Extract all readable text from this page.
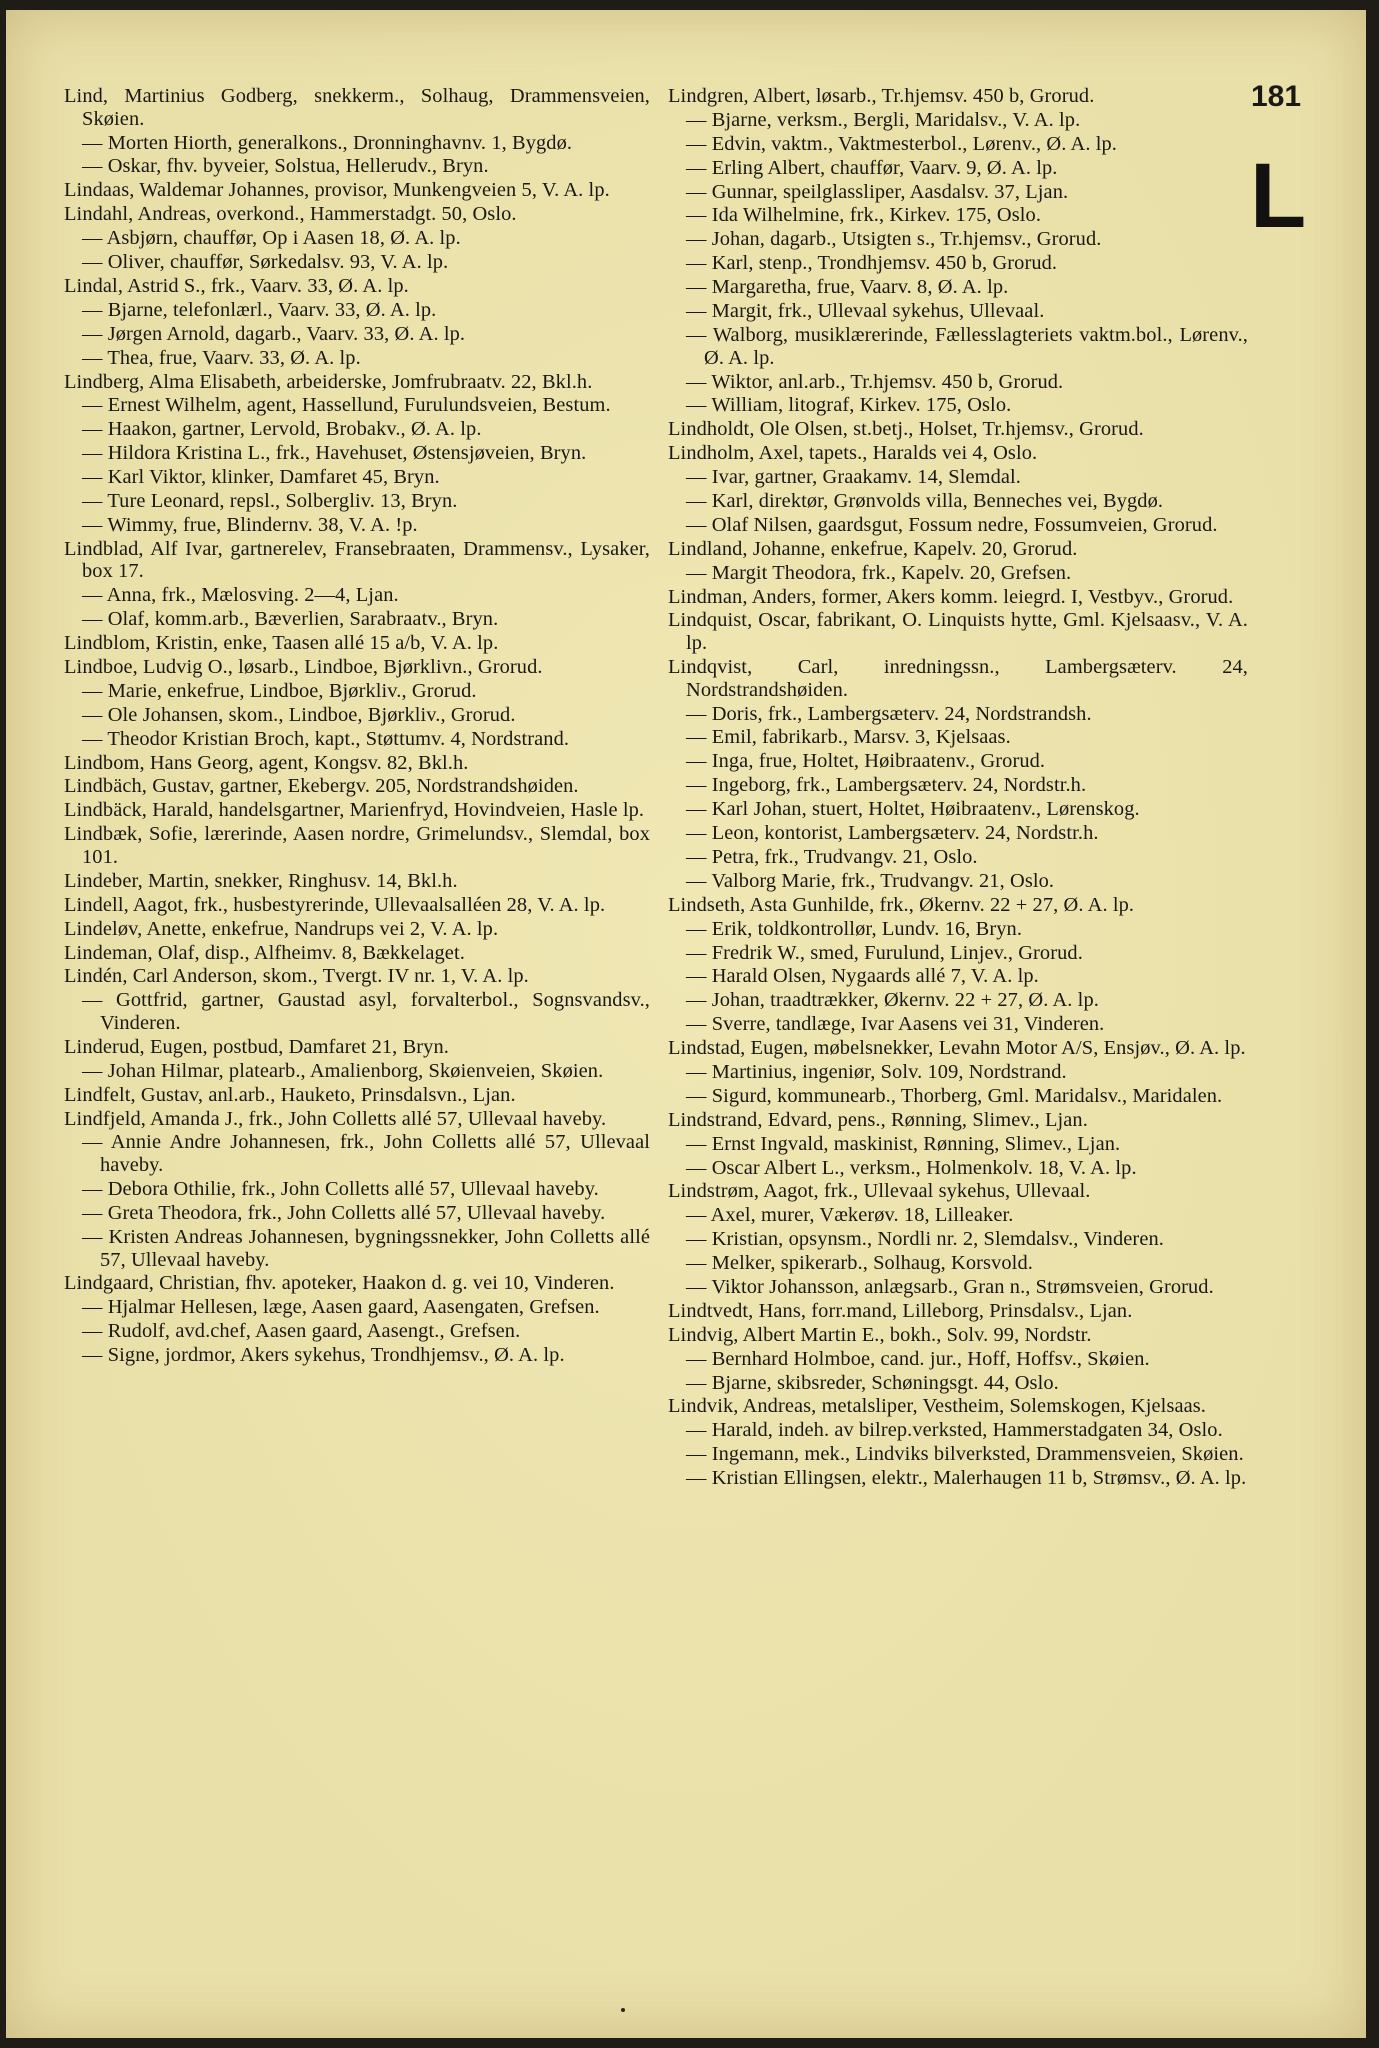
181
L
Lind, Martinius Godberg, snekkerm., Solhaug, Drammensveien, Skøien.
— Morten Hiorth, generalkons., Dronninghavnv. 1, Bygdø.
— Oskar, fhv. byveier, Solstua, Hellerudv., Bryn.
Lindaas, Waldemar Johannes, provisor, Munkengveien 5, V. A. lp.
Lindahl, Andreas, overkond., Hammerstadgt. 50, Oslo.
— Asbjørn, chauffør, Op i Aasen 18, Ø. A. lp.
— Oliver, chauffør, Sørkedalsv. 93, V. A. lp.
Lindal, Astrid S., frk., Vaarv. 33, Ø. A. lp.
— Bjarne, telefonlærl., Vaarv. 33, Ø. A. lp.
— Jørgen Arnold, dagarb., Vaarv. 33, Ø. A. lp.
— Thea, frue, Vaarv. 33, Ø. A. lp.
Lindberg, Alma Elisabeth, arbeiderske, Jomfrubraatv. 22, Bkl.h.
— Ernest Wilhelm, agent, Hassellund, Furulundsveien, Bestum.
— Haakon, gartner, Lervold, Brobakv., Ø. A. lp.
— Hildora Kristina L., frk., Havehuset, Østensjøveien, Bryn.
— Karl Viktor, klinker, Damfaret 45, Bryn.
— Ture Leonard, repsl., Solbergliv. 13, Bryn.
— Wimmy, frue, Blindernv. 38, V. A. !p.
Lindblad, Alf Ivar, gartnerelev, Fransebraaten, Drammensv., Lysaker, box 17.
— Anna, frk., Mælosving. 2—4, Ljan.
— Olaf, komm.arb., Bæverlien, Sarabraatv., Bryn.
Lindblom, Kristin, enke, Taasen allé 15 a/b, V. A. lp.
Lindboe, Ludvig O., løsarb., Lindboe, Bjørklivn., Grorud.
— Marie, enkefrue, Lindboe, Bjørkliv., Grorud.
— Ole Johansen, skom., Lindboe, Bjørkliv., Grorud.
— Theodor Kristian Broch, kapt., Støttumv. 4, Nordstrand.
Lindbom, Hans Georg, agent, Kongsv. 82, Bkl.h.
Lindbäch, Gustav, gartner, Ekebergv. 205, Nordstrandshøiden.
Lindbäck, Harald, handelsgartner, Marienfryd, Hovindveien, Hasle lp.
Lindbæk, Sofie, lærerinde, Aasen nordre, Grimelundsv., Slemdal, box 101.
Lindeber, Martin, snekker, Ringhusv. 14, Bkl.h.
Lindell, Aagot, frk., husbestyrerinde, Ullevaalsalléen 28, V. A. lp.
Lindeløv, Anette, enkefrue, Nandrups vei 2, V. A. lp.
Lindeman, Olaf, disp., Alfheimv. 8, Bækkelaget.
Lindén, Carl Anderson, skom., Tvergt. IV nr. 1, V. A. lp.
— Gottfrid, gartner, Gaustad asyl, forvalterbol., Sognsvandsv., Vinderen.
Linderud, Eugen, postbud, Damfaret 21, Bryn.
— Johan Hilmar, platearb., Amalienborg, Skøienveien, Skøien.
Lindfelt, Gustav, anl.arb., Hauketo, Prinsdalsvn., Ljan.
Lindfjeld, Amanda J., frk., John Colletts allé 57, Ullevaal haveby.
— Annie Andre Johannesen, frk., John Colletts allé 57, Ullevaal haveby.
— Debora Othilie, frk., John Colletts allé 57, Ullevaal haveby.
— Greta Theodora, frk., John Colletts allé 57, Ullevaal haveby.
— Kristen Andreas Johannesen, bygningssnekker, John Colletts allé 57, Ullevaal haveby.
Lindgaard, Christian, fhv. apoteker, Haakon d. g. vei 10, Vinderen.
— Hjalmar Hellesen, læge, Aasen gaard, Aasengaten, Grefsen.
— Rudolf, avd.chef, Aasen gaard, Aasengt., Grefsen.
— Signe, jordmor, Akers sykehus, Trondhjemsv., Ø. A. lp.
Lindgren, Albert, løsarb., Tr.hjemsv. 450 b, Grorud.
— Bjarne, verksm., Bergli, Maridalsv., V. A. lp.
— Edvin, vaktm., Vaktmesterbol., Lørenv., Ø. A. lp.
— Erling Albert, chauffør, Vaarv. 9, Ø. A. lp.
— Gunnar, speilglassliper, Aasdalsv. 37, Ljan.
— Ida Wilhelmine, frk., Kirkev. 175, Oslo.
— Johan, dagarb., Utsigten s., Tr.hjemsv., Grorud.
— Karl, stenp., Trondhjemsv. 450 b, Grorud.
— Margaretha, frue, Vaarv. 8, Ø. A. lp.
— Margit, frk., Ullevaal sykehus, Ullevaal.
— Walborg, musiklærerinde, Fællesslagteriets vaktm.bol., Lørenv., Ø. A. lp.
— Wiktor, anl.arb., Tr.hjemsv. 450 b, Grorud.
— William, litograf, Kirkev. 175, Oslo.
Lindholdt, Ole Olsen, st.betj., Holset, Tr.hjemsv., Grorud.
Lindholm, Axel, tapets., Haralds vei 4, Oslo.
— Ivar, gartner, Graakamv. 14, Slemdal.
— Karl, direktør, Grønvolds villa, Benneches vei, Bygdø.
— Olaf Nilsen, gaardsgut, Fossum nedre, Fossumveien, Grorud.
Lindland, Johanne, enkefrue, Kapelv. 20, Grorud.
— Margit Theodora, frk., Kapelv. 20, Grefsen.
Lindman, Anders, former, Akers komm. leiegrd. I, Vestbyv., Grorud.
Lindquist, Oscar, fabrikant, O. Linquists hytte, Gml. Kjelsaasv., V. A. lp.
Lindqvist, Carl, inredningssn., Lambergsæterv. 24, Nordstrandshøiden.
— Doris, frk., Lambergsæterv. 24, Nordstrandsh.
— Emil, fabrikarb., Marsv. 3, Kjelsaas.
— Inga, frue, Holtet, Høibraatenv., Grorud.
— Ingeborg, frk., Lambergsæterv. 24, Nordstr.h.
— Karl Johan, stuert, Holtet, Høibraatenv., Lørenskog.
— Leon, kontorist, Lambergsæterv. 24, Nordstr.h.
— Petra, frk., Trudvangv. 21, Oslo.
— Valborg Marie, frk., Trudvangv. 21, Oslo.
Lindseth, Asta Gunhilde, frk., Økernv. 22 + 27, Ø. A. lp.
— Erik, toldkontrollør, Lundv. 16, Bryn.
— Fredrik W., smed, Furulund, Linjev., Grorud.
— Harald Olsen, Nygaards allé 7, V. A. lp.
— Johan, traadtrækker, Økernv. 22 + 27, Ø. A. lp.
— Sverre, tandlæge, Ivar Aasens vei 31, Vinderen.
Lindstad, Eugen, møbelsnekker, Levahn Motor A/S, Ensjøv., Ø. A. lp.
— Martinius, ingeniør, Solv. 109, Nordstrand.
— Sigurd, kommunearb., Thorberg, Gml. Maridalsv., Maridalen.
Lindstrand, Edvard, pens., Rønning, Slimev., Ljan.
— Ernst Ingvald, maskinist, Rønning, Slimev., Ljan.
— Oscar Albert L., verksm., Holmenkolv. 18, V. A. lp.
Lindstrøm, Aagot, frk., Ullevaal sykehus, Ullevaal.
— Axel, murer, Vækerøv. 18, Lilleaker.
— Kristian, opsynsm., Nordli nr. 2, Slemdalsv., Vinderen.
— Melker, spikerarb., Solhaug, Korsvold.
— Viktor Johansson, anlægsarb., Gran n., Strømsveien, Grorud.
Lindtvedt, Hans, forr.mand, Lilleborg, Prinsdalsv., Ljan.
Lindvig, Albert Martin E., bokh., Solv. 99, Nordstr.
— Bernhard Holmboe, cand. jur., Hoff, Hoffsv., Skøien.
— Bjarne, skibsreder, Schøningsgt. 44, Oslo.
Lindvik, Andreas, metalsliper, Vestheim, Solemskogen, Kjelsaas.
— Harald, indeh. av bilrep.verksted, Hammerstadgaten 34, Oslo.
— Ingemann, mek., Lindviks bilverksted, Drammensveien, Skøien.
— Kristian Ellingsen, elektr., Malerhaugen 11 b, Strømsv., Ø. A. lp.
